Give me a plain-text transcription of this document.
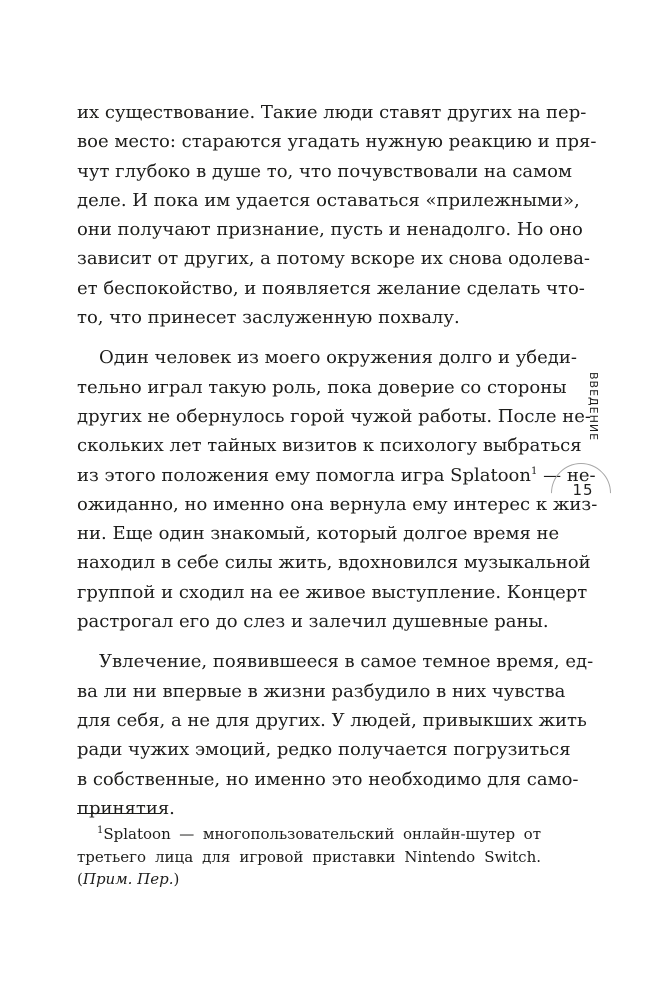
их существование. Такие люди ставят других на пер-
вое место: стараются угадать нужную реакцию и пря-
чут глубоко в душе то, что почувствовали на самом
деле. И пока им удается оставаться «прилежными»,
они получают признание, пусть и ненадолго. Но оно
зависит от других, а потому вскоре их снова одолева-
ет беспокойство, и появляется желание сделать что-
то, что принесет заслуженную похвалу.
Один человек из моего окружения долго и убеди-
тельно играл такую роль, пока доверие со стороны
других не обернулось горой чужой работы. После не-
скольких лет тайных визитов к психологу выбраться
из этого положения ему помогла игра Splatoon$^1$ — не-
ожиданно, но именно она вернула ему интерес к жиз-
ни. Еще один знакомый, который долгое время не
находил в себе силы жить, вдохновился музыкальной
группой и сходил на ее живое выступление. Концерт
растрогал его до слез и залечил душевные раны.
Увлечение, появившееся в самое темное время, ед-
ва ли ни впервые в жизни разбудило в них чувства
для себя, а не для других. У людей, привыкших жить
ради чужих эмоций, редко получается погрузиться
в собственные, но именно это необходимо для само-
принятия.
$^1$Splatoon — многопользовательский онлайн-шутер от
третьего лица для игровой приставки Nintendo Switch.
(Прим. Пер.)
ВВЕДЕНИЕ
15
